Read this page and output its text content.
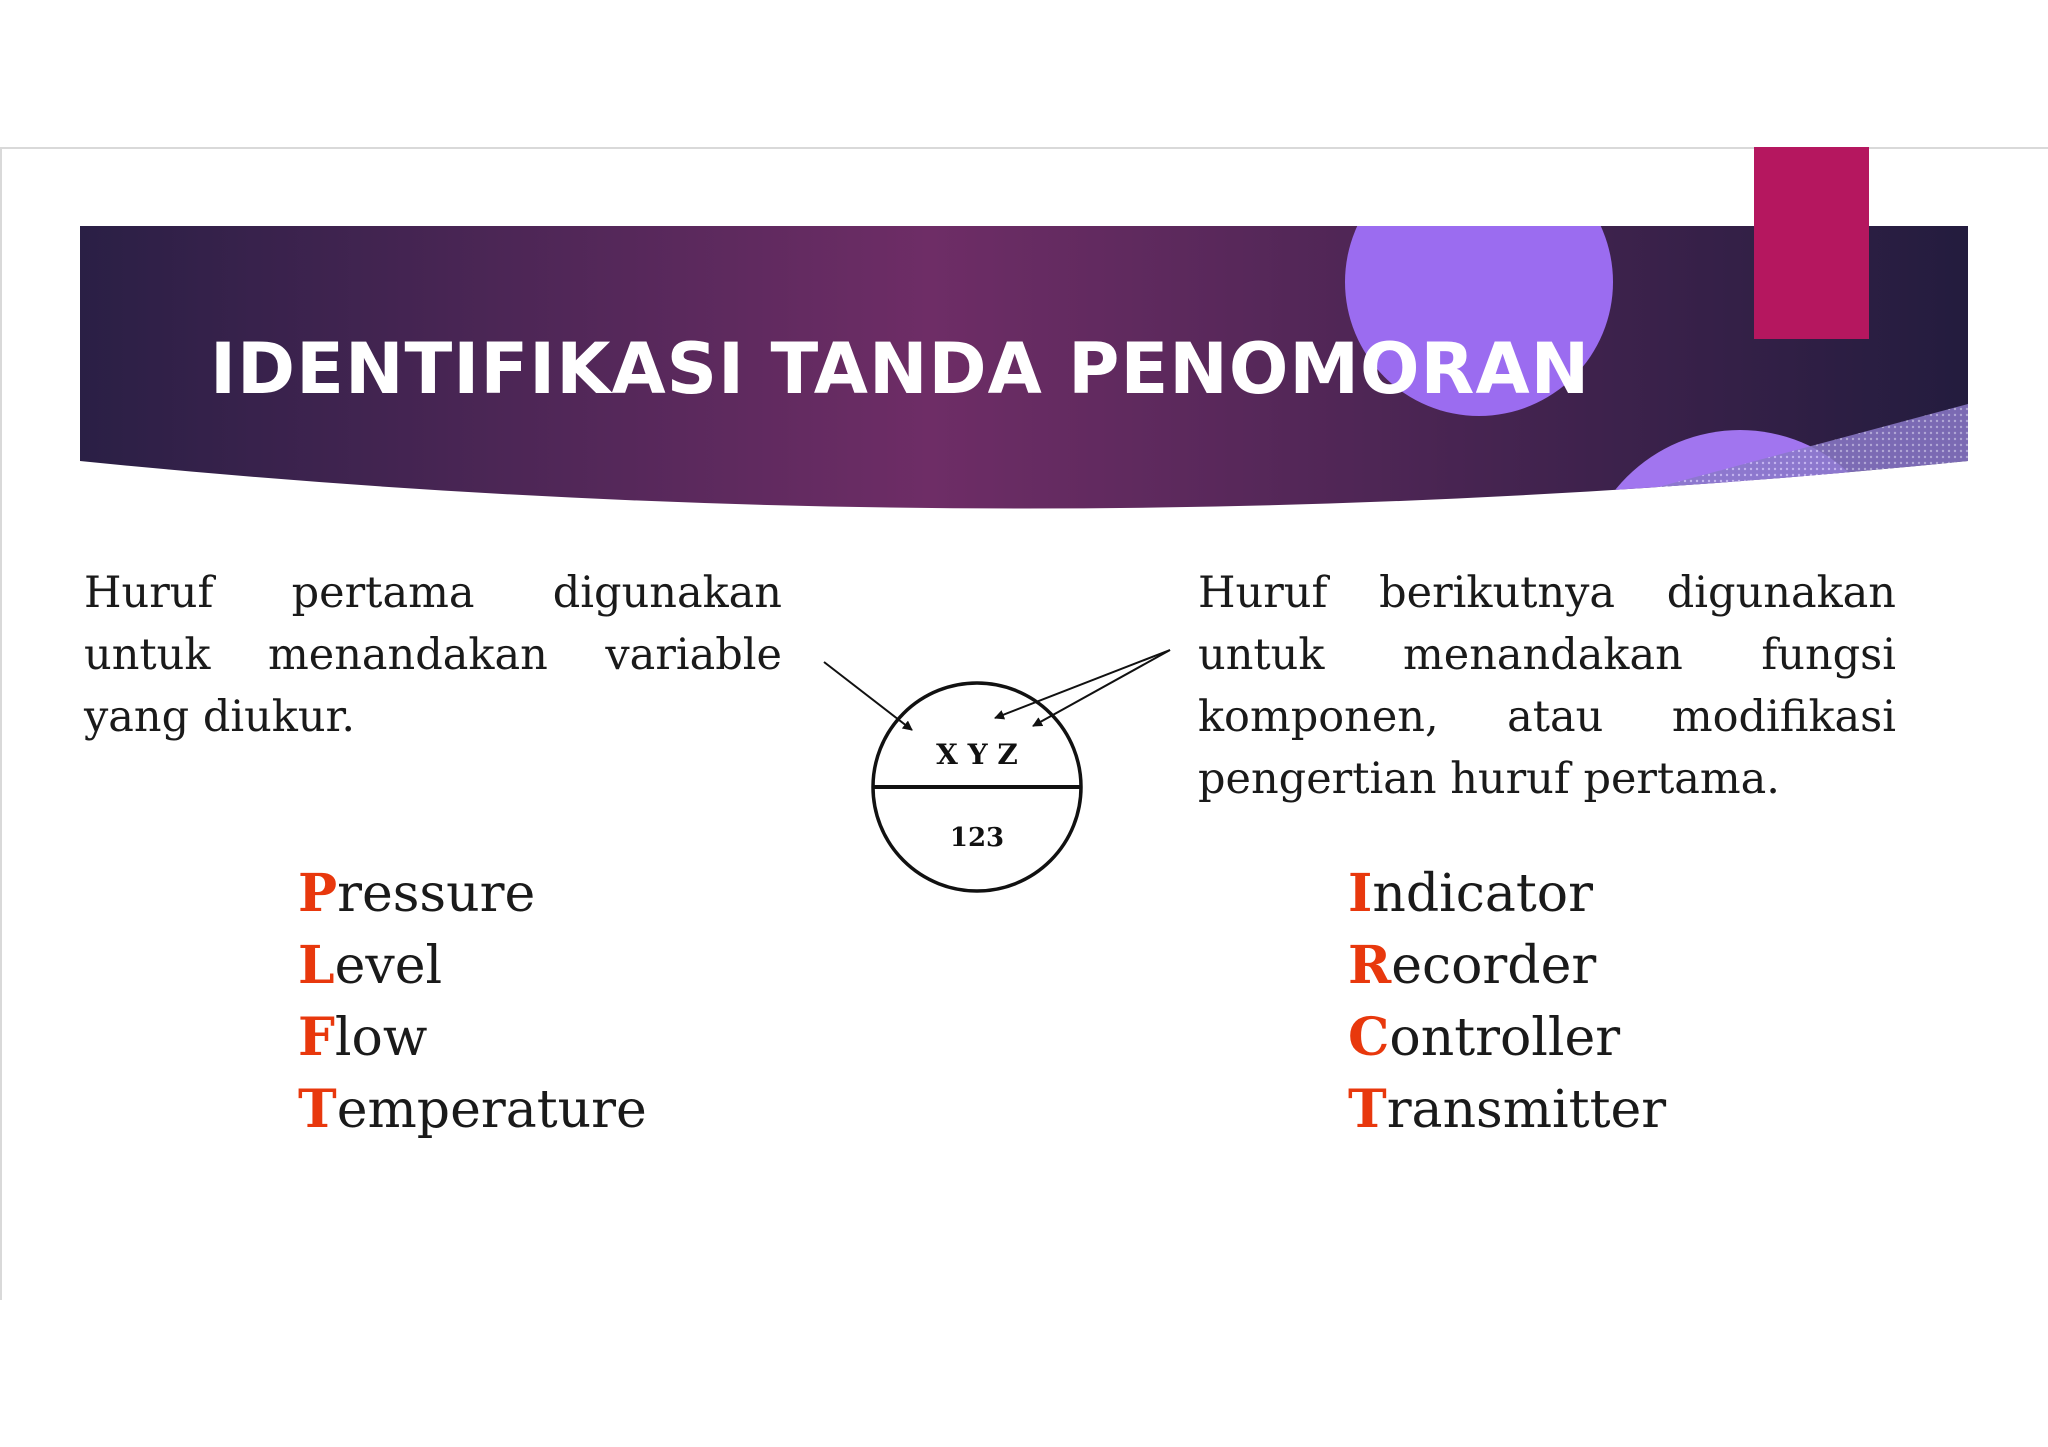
IDENTIFIKASI TANDA PENOMORAN

Huruf pertama digunakan untuk menandakan variable yang diukur.

Huruf berikutnya digunakan untuk menandakan fungsi komponen, atau modifikasi pengertian huruf pertama.

X Y Z
123
Pressure
Level
Flow
Temperature
Indicator
Recorder
Controller
Transmitter
